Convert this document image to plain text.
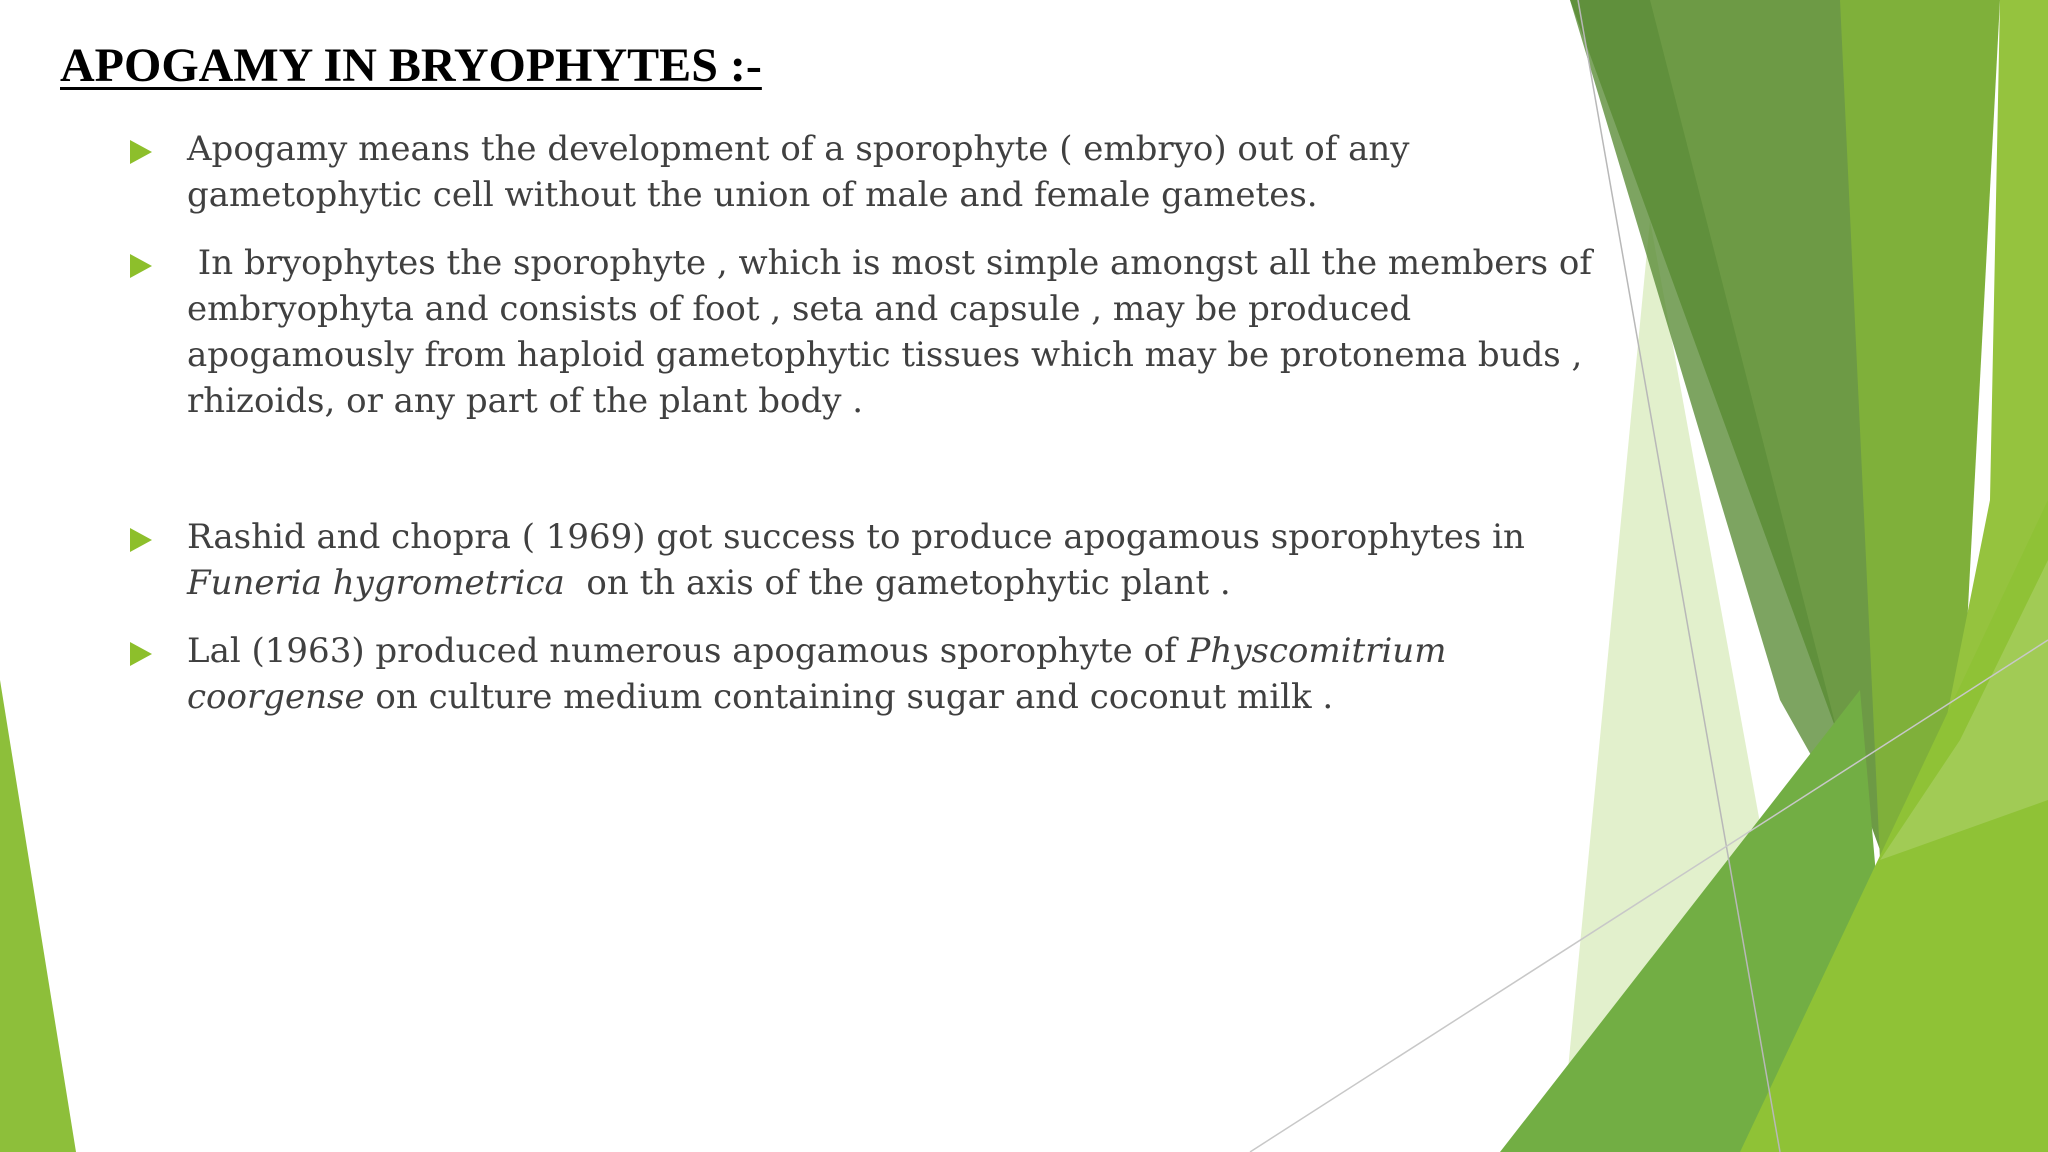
APOGAMY IN BRYOPHYTES :-
Apogamy means the development of a sporophyte ( embryo) out of any
gametophytic cell without the union of male and female gametes.
In bryophytes the sporophyte , which is most simple amongst all the members of
embryophyta and consists of foot , seta and capsule , may be produced
apogamously from haploid gametophytic tissues which may be protonema buds ,
rhizoids, or any part of the plant body .
Rashid and chopra ( 1969) got success to produce apogamous sporophytes in
Funeria hygrometrica  on th axis of the gametophytic plant .
Lal (1963) produced numerous apogamous sporophyte of Physcomitrium
coorgense on culture medium containing sugar and coconut milk .
